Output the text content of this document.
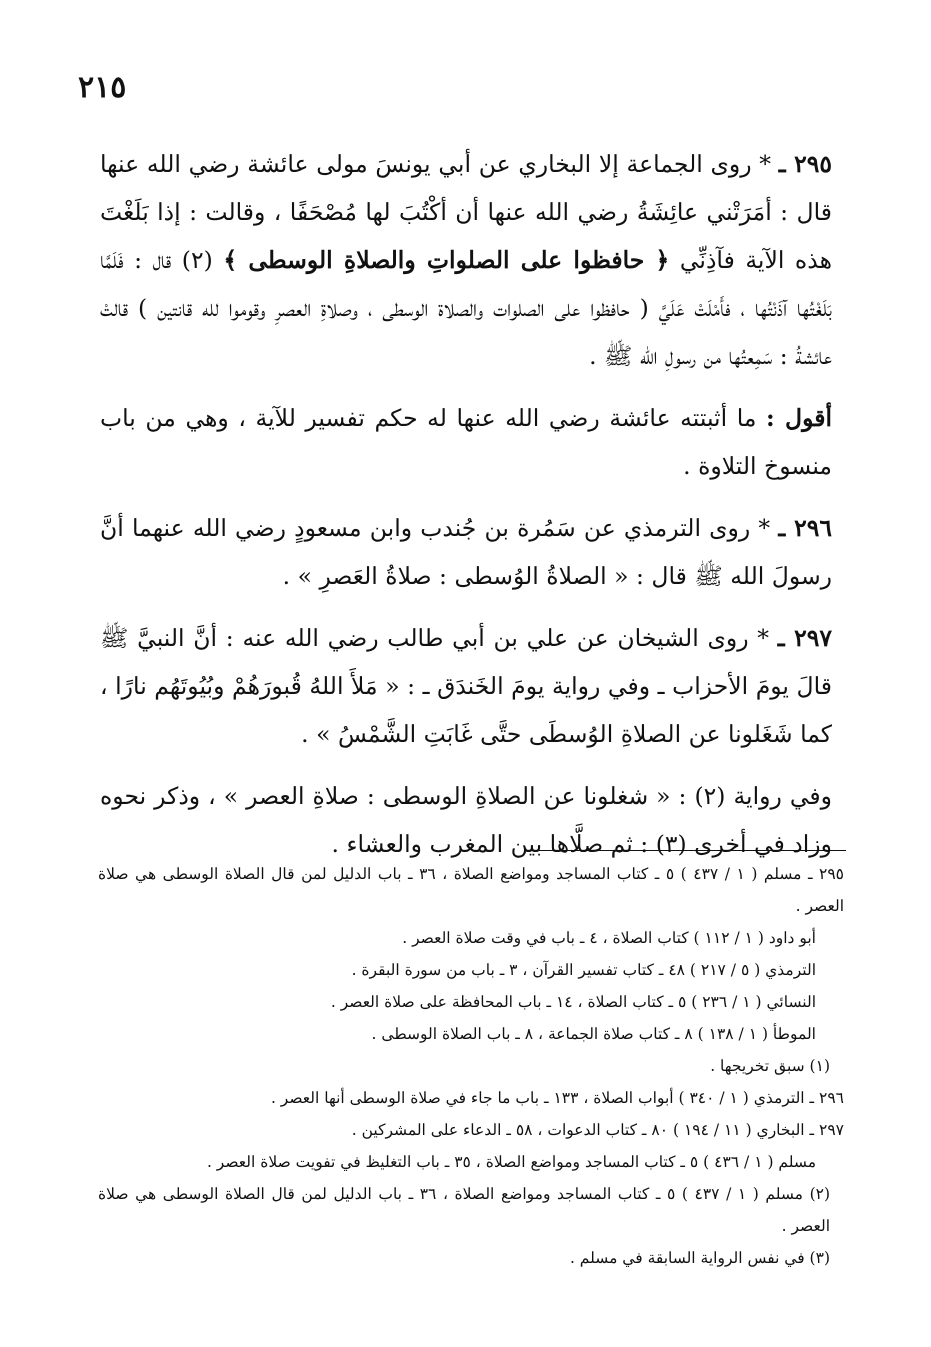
٢١٥

٢٩٥ ـ * روى الجماعة إلا البخاري عن أبي يونسَ مولى عائشة رضي الله عنها قال : أمَرَتْني عائِشَةُ رضي الله عنها أن أكْتُبَ لها مُصْحَفًا ، وقالت : إذا بَلَغْتَ هذه الآية فآذِنِّي ﴿ حافظوا على الصلواتِ والصلاةِ الوسطى ﴾ (٢) قال : فَلَمَّا بَلَغْتُها آذَنْتُها ، فأَمْلَتْ عَلَيَّ ( حافظوا على الصلوات والصلاة الوسطى ، وصلاةِ العصرِ وقوموا لله قانتين ) قالتْ عائشةُ : سَمِعتُها من رسولِ الله ﷺ .

أقول : ما أثبتته عائشة رضي الله عنها له حكم تفسير للآية ، وهي من باب منسوخ التلاوة .

٢٩٦ ـ * روى الترمذي عن سَمُرة بن جُندب وابن مسعودٍ رضي الله عنهما أنَّ رسولَ الله ﷺ قال : « الصلاةُ الوُسطى : صلاةُ العَصرِ » .

٢٩٧ ـ * روى الشيخان عن علي بن أبي طالب رضي الله عنه : أنَّ النبيَّ ﷺ قالَ يومَ الأحزاب ـ وفي رواية يومَ الخَندَق ـ : « مَلأَ اللهُ قُبورَهُمْ وبُيُوتَهُم نارًا ، كما شَغَلونا عن الصلاةِ الوُسطَى حتَّى غَابَتِ الشَّمْسُ » .

وفي رواية (٢) : « شغلونا عن الصلاةِ الوسطى : صلاةِ العصر » ، وذكر نحوه وزاد في أخرى (٣) : ثم صلَّاها بين المغرب والعشاء .

٢٩٥ ـ مسلم ( ١ / ٤٣٧ ) ٥ ـ كتاب المساجد ومواضع الصلاة ، ٣٦ ـ باب الدليل لمن قال الصلاة الوسطى هي صلاة العصر .

أبو داود ( ١ / ١١٢ ) كتاب الصلاة ، ٤ ـ باب في وقت صلاة العصر .

الترمذي ( ٥ / ٢١٧ ) ٤٨ ـ كتاب تفسير القرآن ، ٣ ـ باب من سورة البقرة .

النسائي ( ١ / ٢٣٦ ) ٥ ـ كتاب الصلاة ، ١٤ ـ باب المحافظة على صلاة العصر .

الموطأ ( ١ / ١٣٨ ) ٨ ـ كتاب صلاة الجماعة ، ٨ ـ باب الصلاة الوسطى .

(١) سبق تخريجها .

٢٩٦ ـ الترمذي ( ١ / ٣٤٠ ) أبواب الصلاة ، ١٣٣ ـ باب ما جاء في صلاة الوسطى أنها العصر .

٢٩٧ ـ البخاري ( ١١ / ١٩٤ ) ٨٠ ـ كتاب الدعوات ، ٥٨ ـ الدعاء على المشركين .

مسلم ( ١ / ٤٣٦ ) ٥ ـ كتاب المساجد ومواضع الصلاة ، ٣٥ ـ باب التغليظ في تفويت صلاة العصر .

(٢) مسلم ( ١ / ٤٣٧ ) ٥ ـ كتاب المساجد ومواضع الصلاة ، ٣٦ ـ باب الدليل لمن قال الصلاة الوسطى هي صلاة العصر .

(٣) في نفس الرواية السابقة في مسلم .
